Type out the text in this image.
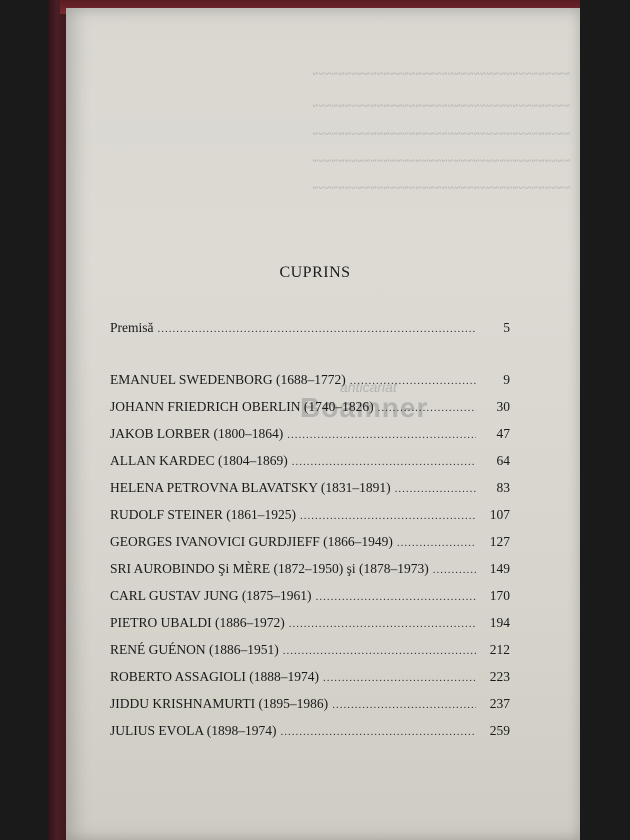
~~~~~~~~~~~~~~~~~~~~~~~~~~~~~~~~~~~~~~~~
~~~~~~~~~~~~~~~~~~~~~~~~~~~~~~~~~~~~~~~~
~~~~~~~~~~~~~~~~~~~~~~~~~~~~~~~~~~~~~~~~
~~~~~~~~~~~~~~~~~~~~~~~~~~~~~~~~~~~~~~~~
~~~~~~~~~~~~~~~~~~~~~~~~~~~~~~~~~~~~~~~~
anticariat
Boamner
CUPRINS
Premisă .....	5
EMANUEL SWEDENBORG (1688–1772) .....	9
JOHANN FRIEDRICH OBERLIN (1740–1826) .....	30
JAKOB LORBER (1800–1864) .....	47
ALLAN KARDEC (1804–1869) .....	64
HELENA PETROVNA BLAVATSKY (1831–1891) .....	83
RUDOLF STEINER (1861–1925) .....	107
GEORGES IVANOVICI GURDJIEFF (1866–1949) .....	127
SRI AUROBINDO Şi MÈRE (1872–1950) şi (1878–1973) .....	149
CARL GUSTAV JUNG (1875–1961) .....	170
PIETRO UBALDI (1886–1972) .....	194
RENÉ GUÉNON (1886–1951) .....	212
ROBERTO ASSAGIOLI (1888–1974) .....	223
JIDDU KRISHNAMURTI (1895–1986) .....	237
JULIUS EVOLA (1898–1974) .....	259
